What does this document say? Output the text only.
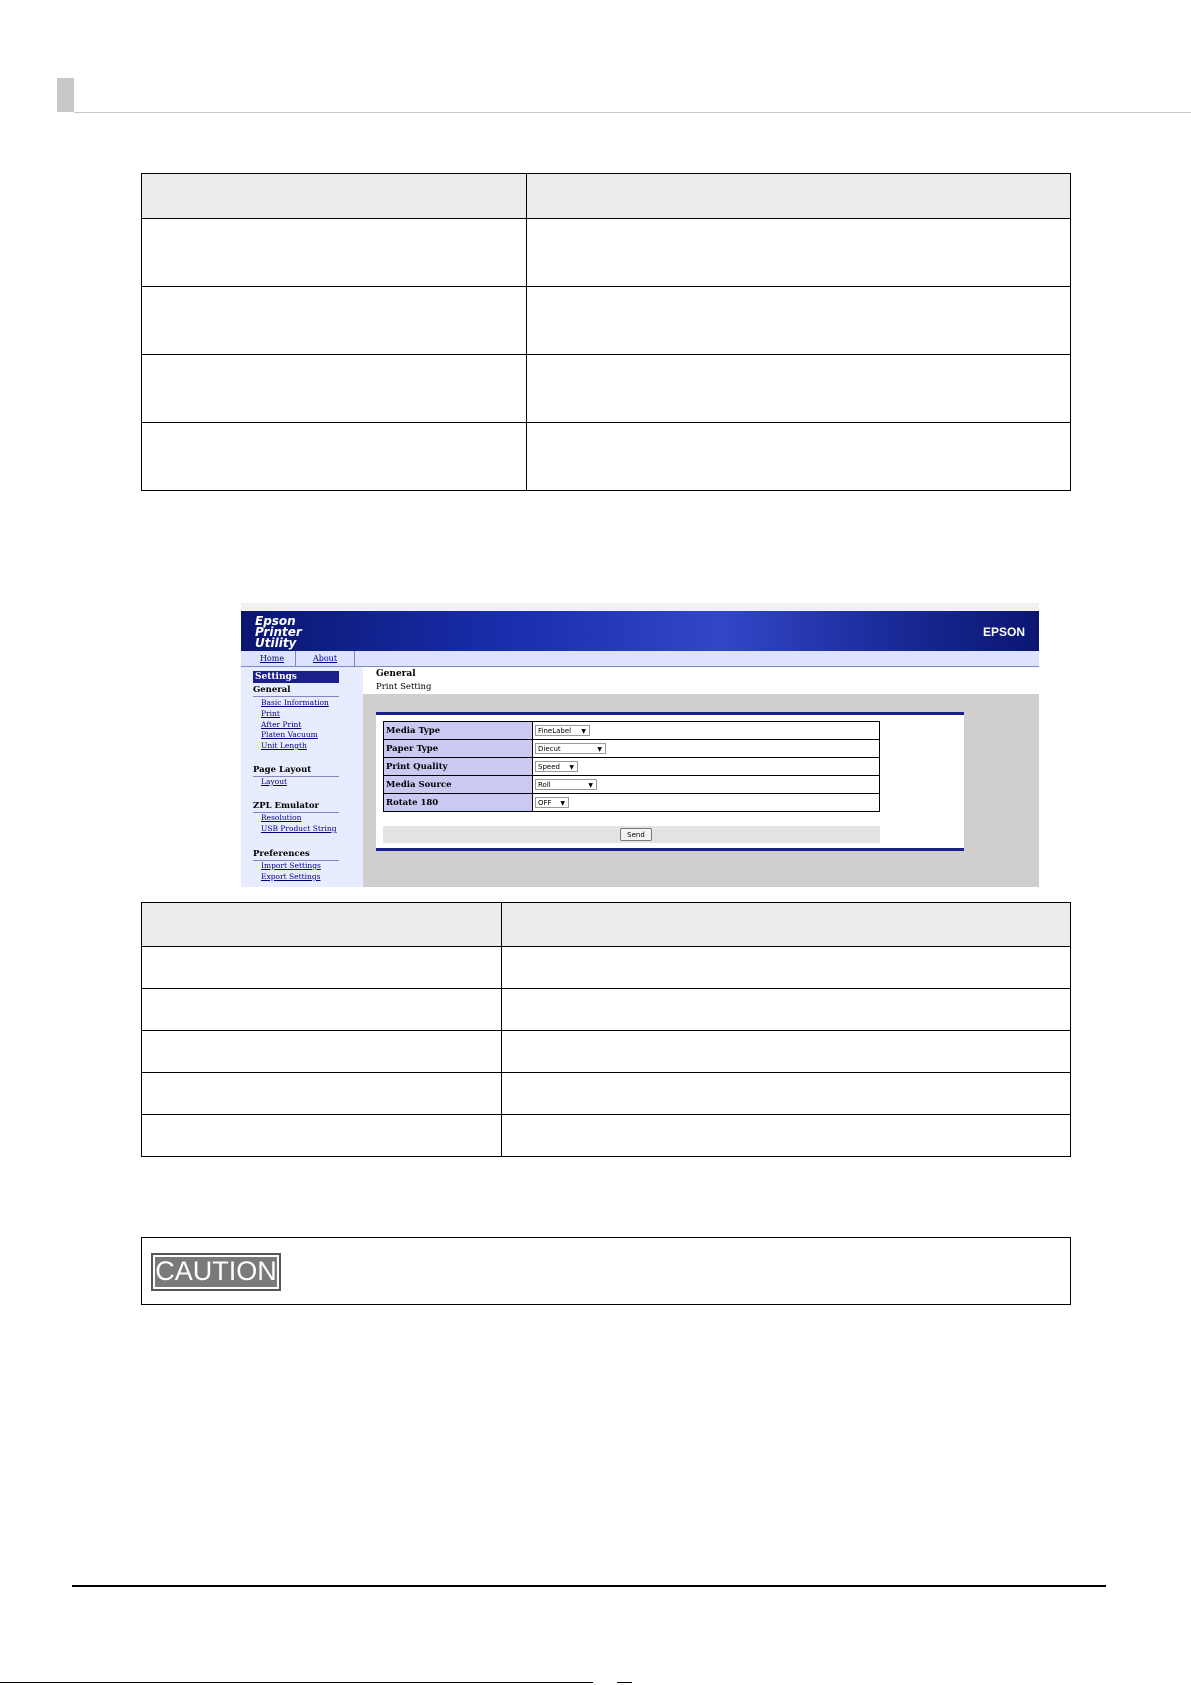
Epson Printer Utility
EPSON
Home	About
Settings
General
Basic Information
Print
After Print
Platen Vacuum
Unit Length
Page Layout
Layout
ZPL Emulator
Resolution
USB Product String
Preferences
Import Settings
Export Settings
General
Print Setting
Media Type	FineLabel ▼

Paper Type	Diecut ▼

Print Quality	Speed ▼

Media Source	Roll ▼

Rotate 180	OFF ▼
Send

CAUTION
